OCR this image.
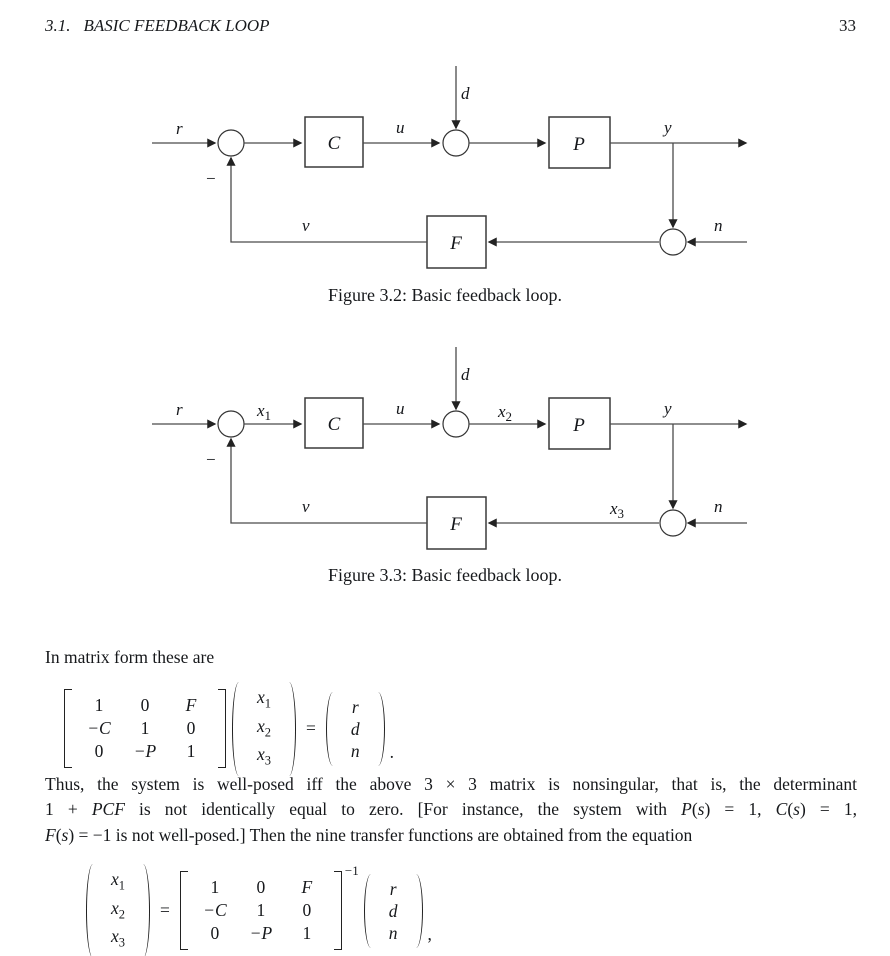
3.1. BASIC FEEDBACK LOOP	33
r
C
u
d
P
y
n
F
v
−
r	$x_1$	C
u
d
$x_2$	P
y
$x_3$	n
F
v
−
Figure 3.2: Basic feedback loop.
Figure 3.3: Basic feedback loop.
In matrix form these are
1	0	F
−C	1	0
0	−P	1
$x_1$
$x_2$
$x_3$
=
r
d
n .
Thus, the system is well-posed iff the above 3 × 3 matrix is nonsingular, that is, the determinant
1 + PCF is not identically equal to zero. [For instance, the system with P(s) = 1, C(s) = 1,
F(s) = −1 is not well-posed.] Then the nine transfer functions are obtained from the equation
$x_1$
$x_2$
$x_3$
=
1	0	F
−C	1	0
0	−P	1
−1
r
d
n ,
